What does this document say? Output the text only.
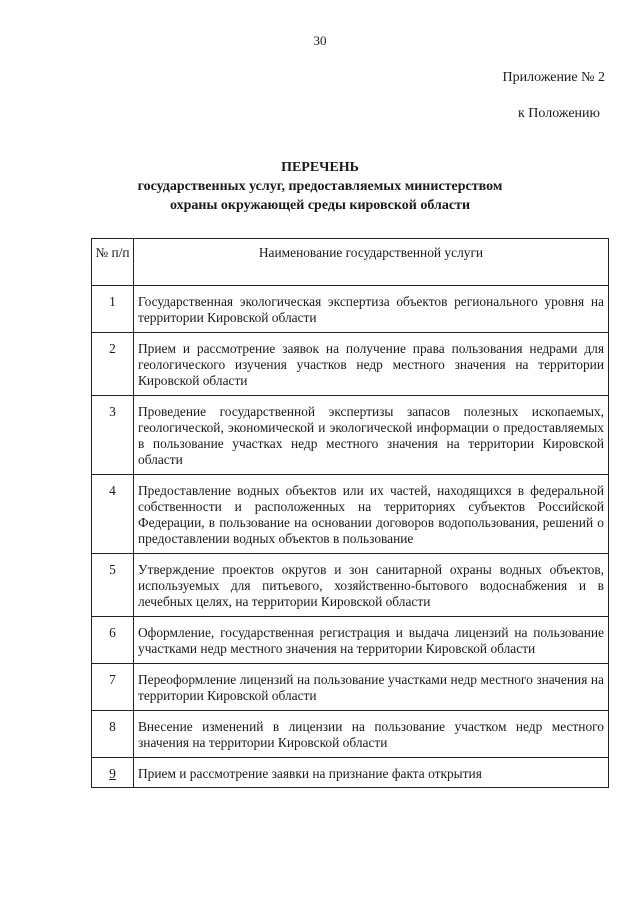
30
Приложение № 2
к Положению
ПЕРЕЧЕНЬ
государственных услуг, предоставляемых министерством
охраны окружающей среды кировской области
№ п/п	Наименование государственной услуги
1	Государственная экологическая экспертиза объектов регионального уровня на территории Кировской области
2	Прием и рассмотрение заявок на получение права пользования недрами для геологического изучения участков недр местного значения на территории Кировской области
3	Проведение государственной экспертизы запасов полезных ископаемых, геологической, экономической и экологической информации о предоставляемых в пользование участках недр местного значения на территории Кировской области
4	Предоставление водных объектов или их частей, находящихся в федеральной собственности и расположенных на территориях субъектов Российской Федерации, в пользование на основании договоров водопользования, решений о предоставлении водных объектов в пользование
5	Утверждение проектов округов и зон санитарной охраны водных объектов, используемых для питьевого, хозяйственно-бытового водоснабжения и в лечебных целях, на территории Кировской области
6	Оформление, государственная регистрация и выдача лицензий на пользование участками недр местного значения на территории Кировской области
7	Переоформление лицензий на пользование участками недр местного значения на территории Кировской области
8	Внесение изменений в лицензии на пользование участком недр местного значения на территории Кировской области
9	Прием и рассмотрение заявки на признание факта открытия
